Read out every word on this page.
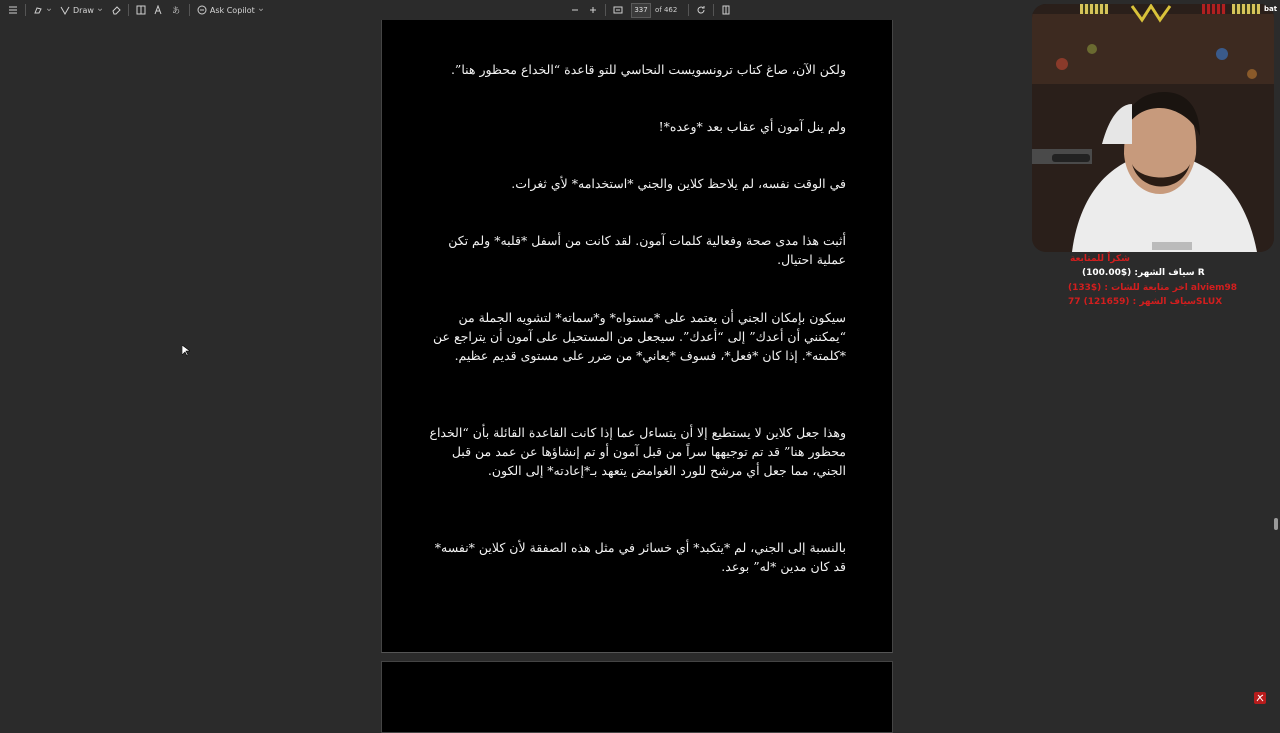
Draw	あ	Ask Copilot
337	of 462

ولكن الآن، صاغ كتاب ترونسويست النحاسي للتو قاعدة “الخداع محظور هنا”.

ولم ينل آمون أي عقاب بعد *وعده*!

في الوقت نفسه، لم يلاحظ كلاين والجني *استخدامه* لأي ثغرات.

أثبت هذا مدى صحة وفعالية كلمات آمون. لقد كانت من أسفل *قلبه* ولم تكن عملية احتيال.

سيكون بإمكان الجني أن يعتمد على *مستواه* و*سماته* لتشويه الجملة من “يمكنني أن أعدك” إلى “أعدك”. سيجعل من المستحيل على آمون أن يتراجع عن *كلمته*. إذا كان *فعل*، فسوف *يعاني* من ضرر على مستوى قديم عظيم.

وهذا جعل كلاين لا يستطيع إلا أن يتساءل عما إذا كانت القاعدة القائلة بأن “الخداع محظور هنا” قد تم توجيهها سراً من قبل آمون أو تم إنشاؤها عن عمد من قبل الجني، مما جعل أي مرشح للورد الغوامض يتعهد بـ*إعادته* إلى الكون.

بالنسبة إلى الجني، لم *يتكبد* أي خسائر في مثل هذه الصفقة لأن كلاين *نفسه* قد كان مدين *له” بوعد.

bat
شكراً للمتابعة
سياف الشهر: ($100.00) R
اخر متابعة للشات : ($133) alviem98
سياف الشهر : (121659) 77SLUX
